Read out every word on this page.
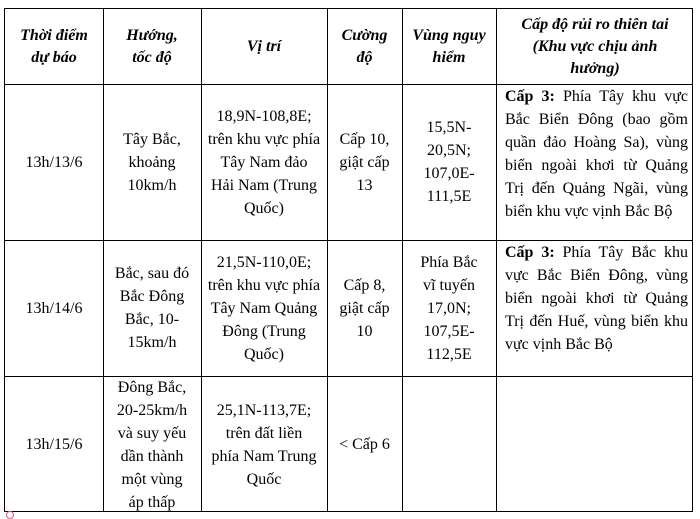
Thời điểm dự báo
Hướng, tốc độ
Vị trí
Cường độ
Vùng nguy hiểm
Cấp độ rủi ro thiên tai (Khu vực chịu ảnh hưởng)
13h/13/6
Tây Bắc, khoảng 10km/h
18,9N-108,8E; trên khu vực phía Tây Nam đảo Hải Nam (Trung Quốc)
Cấp 10, giật cấp 13
15,5N-20,5N; 107,0E-111,5E
Cấp 3: Phía Tây khu vực Bắc Biển Đông (bao gồm quần đảo Hoàng Sa), vùng biển ngoài khơi từ Quảng Trị đến Quảng Ngãi, vùng biển khu vực vịnh Bắc Bộ
13h/14/6
Bắc, sau đó Bắc Đông Bắc, 10-15km/h
21,5N-110,0E; trên khu vực phía Tây Nam Quảng Đông (Trung Quốc)
Cấp 8, giật cấp 10
Phía Bắc vĩ tuyến 17,0N; 107,5E-112,5E
Cấp 3: Phía Tây Bắc khu vực Bắc Biển Đông, vùng biển ngoài khơi từ Quảng Trị đến Huế, vùng biển khu vực vịnh Bắc Bộ
13h/15/6
Đông Bắc, 20-25km/h và suy yếu dần thành một vùng áp thấp
25,1N-113,7E; trên đất liền phía Nam Trung Quốc
< Cấp 6
